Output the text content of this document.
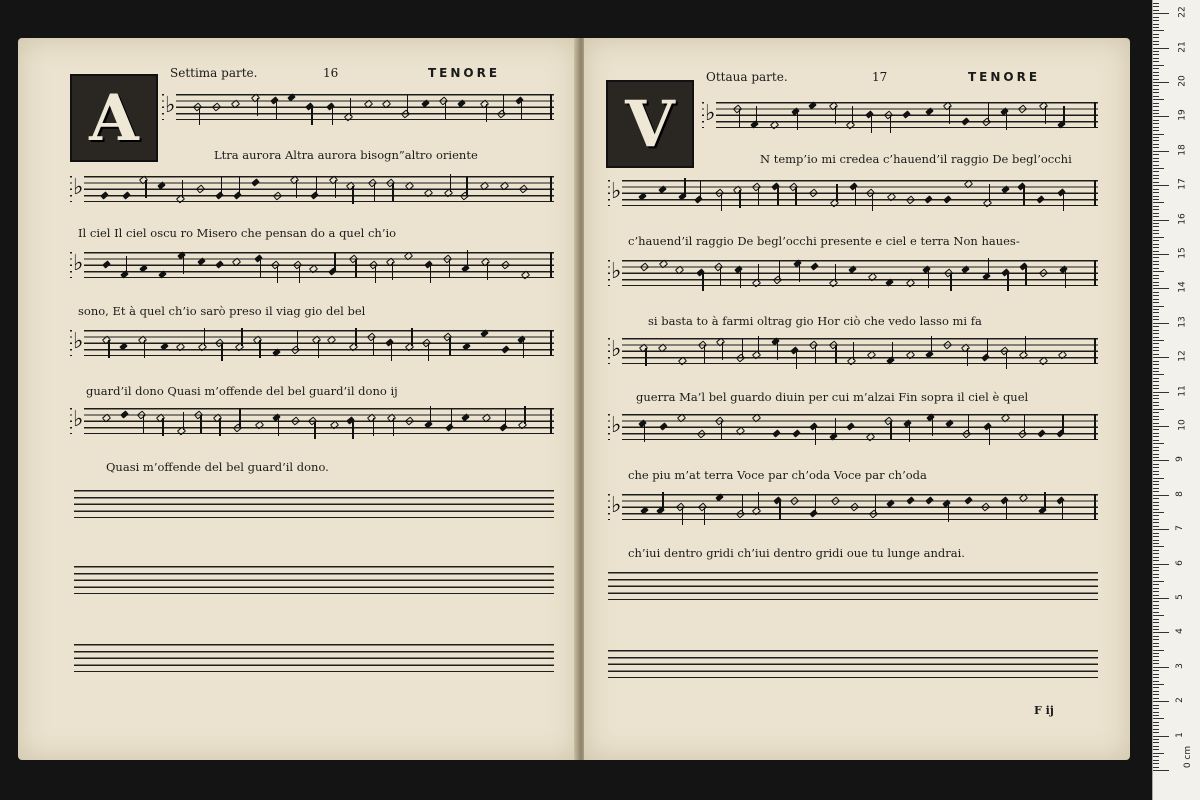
A
Settima parte.	16	TENORE
♭
Ltra aurora Altra aurora bisogn”altro oriente
♭
Il ciel Il ciel oscu ro Misero che pensan do a quel ch’io
♭
sono, Et à quel ch’io sarò preso il viag gio del bel
♭
guard’il dono Quasi m’offende del bel guard’il dono ij
♭
Quasi m’offende del bel guard’il dono.
V
Ottaua parte.	17	TENORE
♭
N temp’io mi credea c’hauend’il raggio De begl’occhi
♭
c’hauend’il raggio De begl’occhi presente e ciel e terra Non haues-
♭
si basta to à farmi oltrag gio Hor ciò che vedo lasso mi fa
♭
guerra Ma’l bel guardo diuin per cui m’alzai Fin sopra il ciel è quel
♭
che piu m’at terra Voce par ch’oda Voce par ch’oda
♭
ch’iui dentro gridi ch’iui dentro gridi oue tu lunge andrai.
F ij
0 cm
1
2
3
4
5
6
7
8
9
10
11
12
13
14
15
16
17
18
19
20
21
22
